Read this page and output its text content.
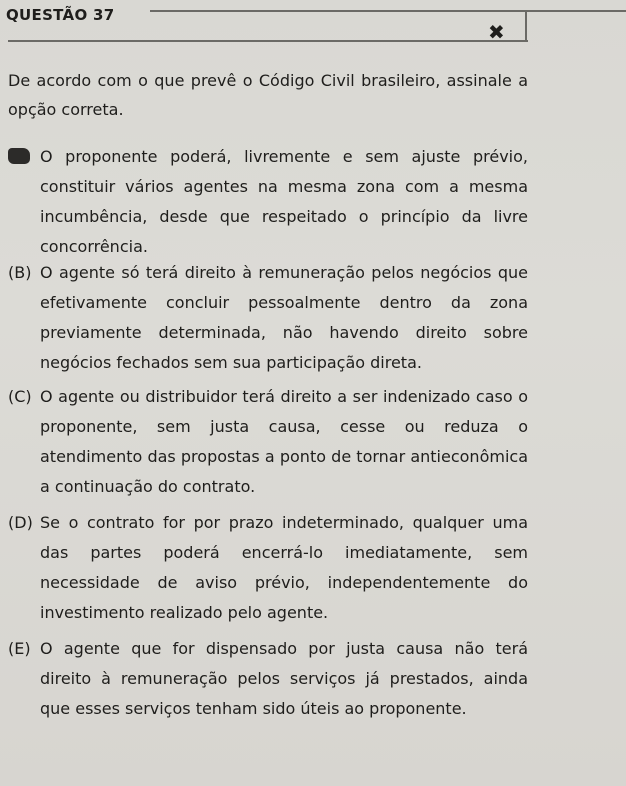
QUESTÃO 37
✖
De acordo com o que prevê o Código Civil brasileiro, assinale a opção correta.
O proponente poderá, livremente e sem ajuste prévio, constituir vários agentes na mesma zona com a mesma incumbência, desde que respeitado o princípio da livre concorrência.
(B) O agente só terá direito à remuneração pelos negócios que efetivamente concluir pessoalmente dentro da zona previamente determinada, não havendo direito sobre negócios fechados sem sua participação direta.
(C) O agente ou distribuidor terá direito a ser indenizado caso o proponente, sem justa causa, cesse ou reduza o atendimento das propostas a ponto de tornar antieconômica a continuação do contrato.
(D) Se o contrato for por prazo indeterminado, qualquer uma das partes poderá encerrá-lo imediatamente, sem necessidade de aviso prévio, independentemente do investimento realizado pelo agente.
(E) O agente que for dispensado por justa causa não terá direito à remuneração pelos serviços já prestados, ainda que esses serviços tenham sido úteis ao proponente.
